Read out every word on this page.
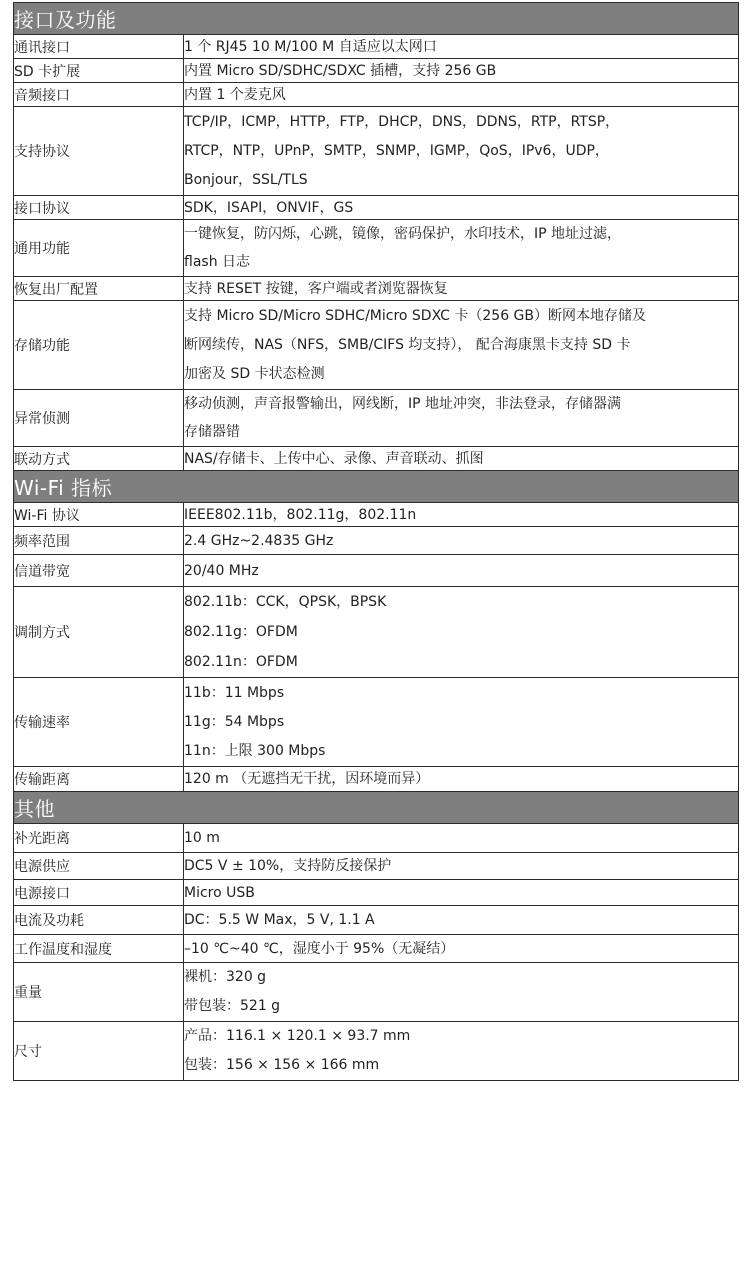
接口及功能	
通讯接口	1 个 RJ45 10 M/100 M 自适应以太网口

SD 卡扩展	内置 Micro SD/SDHC/SDXC 插槽，支持 256 GB

音频接口	内置 1 个麦克风

支持协议	TCP/IP，ICMP，HTTP，FTP，DHCP，DNS，DDNS，RTP，RTSP，
RTCP，NTP，UPnP，SMTP，SNMP，IGMP，QoS，IPv6，UDP，
Bonjour，SSL/TLS

接口协议	SDK，ISAPI，ONVIF，GS

通用功能	一键恢复，防闪烁，心跳，镜像，密码保护，水印技术，IP 地址过滤，
flash 日志

恢复出厂配置	支持 RESET 按键，客户端或者浏览器恢复

存储功能	支持 Micro SD/Micro SDHC/Micro SDXC 卡（256 GB）断网本地存储及
断网续传，NAS（NFS，SMB/CIFS 均支持）， 配合海康黑卡支持 SD 卡
加密及 SD 卡状态检测

异常侦测	移动侦测，声音报警输出，网线断，IP 地址冲突，非法登录，存储器满
存储器错

联动方式	NAS/存储卡、上传中心、录像、声音联动、抓图

Wi-Fi 指标	
Wi-Fi 协议	IEEE802.11b，802.11g，802.11n

频率范围	2.4 GHz~2.4835 GHz

信道带宽	20/40 MHz

调制方式	802.11b：CCK，QPSK，BPSK
802.11g：OFDM
802.11n：OFDM

传输速率	11b：11 Mbps
11g：54 Mbps
11n：上限 300 Mbps

传输距离	120 m （无遮挡无干扰，因环境而异）

其他	
补光距离	10 m

电源供应	DC5 V ± 10%，支持防反接保护

电源接口	Micro USB

电流及功耗	DC：5.5 W Max，5 V, 1.1 A

工作温度和湿度	–10 ℃~40 ℃，湿度小于 95%（无凝结）

重量	裸机：320 g
带包装：521 g

尺寸	产品：116.1 × 120.1 × 93.7 mm
包装：156 × 156 × 166 mm
